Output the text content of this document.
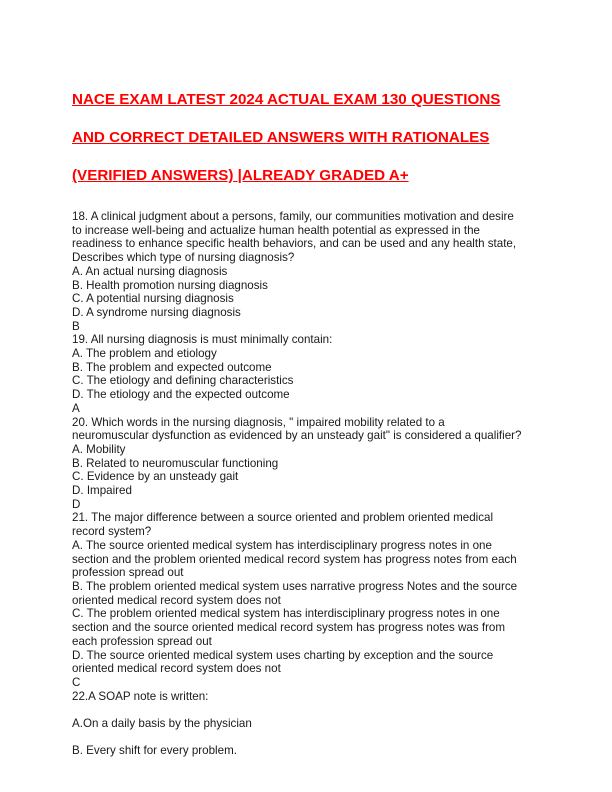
NACE EXAM LATEST 2024 ACTUAL EXAM 130 QUESTIONS

AND CORRECT DETAILED ANSWERS WITH RATIONALES

(VERIFIED ANSWERS) |ALREADY GRADED A+

18. A clinical judgment about a persons, family, our communities motivation and desire
to increase well-being and actualize human health potential as expressed in the
readiness to enhance specific health behaviors, and can be used and any health state,
Describes which type of nursing diagnosis?
A. An actual nursing diagnosis
B. Health promotion nursing diagnosis
C. A potential nursing diagnosis
D. A syndrome nursing diagnosis
B
19. All nursing diagnosis is must minimally contain:
A. The problem and etiology
B. The problem and expected outcome
C. The etiology and defining characteristics
D. The etiology and the expected outcome
A
20. Which words in the nursing diagnosis, " impaired mobility related to a
neuromuscular dysfunction as evidenced by an unsteady gait" is considered a qualifier?
A. Mobility
B. Related to neuromuscular functioning
C. Evidence by an unsteady gait
D. Impaired
D
21. The major difference between a source oriented and problem oriented medical
record system?
A. The source oriented medical system has interdisciplinary progress notes in one
section and the problem oriented medical record system has progress notes from each
profession spread out
B. The problem oriented medical system uses narrative progress Notes and the source
oriented medical record system does not
C. The problem oriented medical system has interdisciplinary progress notes in one
section and the source oriented medical record system has progress notes was from
each profession spread out
D. The source oriented medical system uses charting by exception and the source
oriented medical record system does not
C
22.A SOAP note is written:
A.On a daily basis by the physician
B. Every shift for every problem.
